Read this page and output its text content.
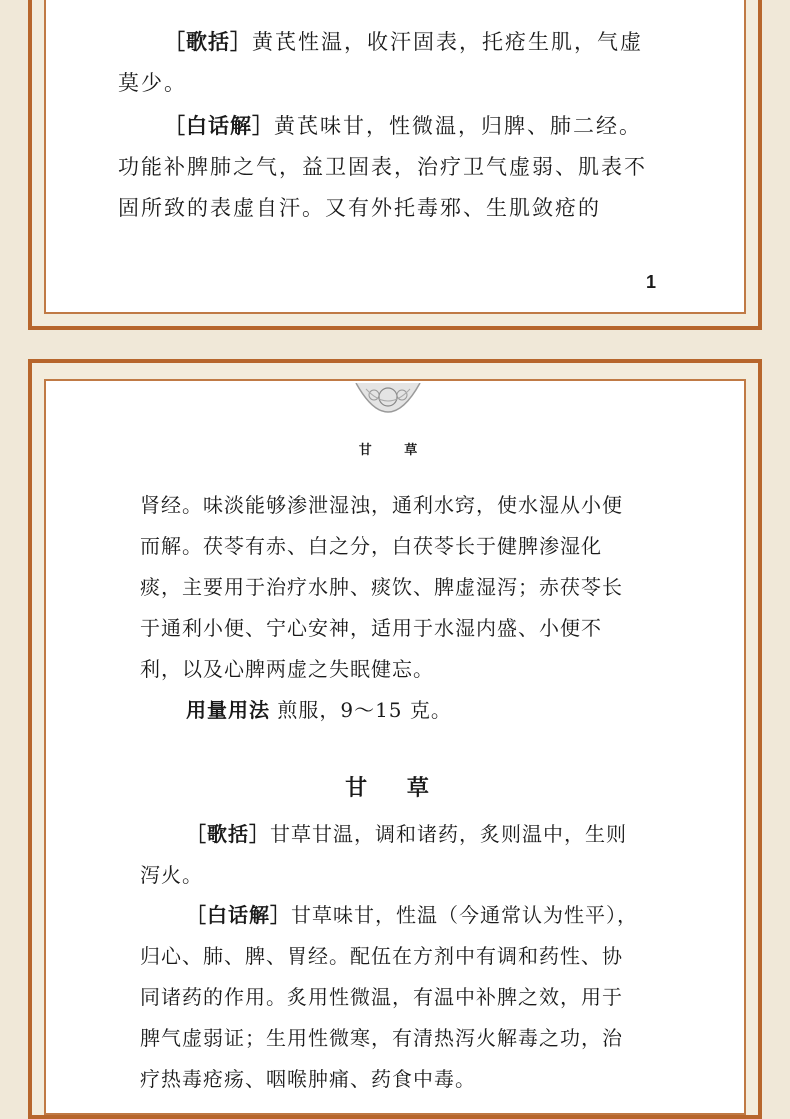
［歌括］黄芪性温，收汗固表，托疮生肌，气虚莫少。

［白话解］黄芪味甘，性微温，归脾、肺二经。功能补脾肺之气，益卫固表，治疗卫气虚弱、肌表不固所致的表虚自汗。又有外托毒邪、生肌敛疮的

1
甘 草

肾经。味淡能够渗泄湿浊，通利水窍，使水湿从小便而解。茯苓有赤、白之分，白茯苓长于健脾渗湿化痰，主要用于治疗水肿、痰饮、脾虚湿泻；赤茯苓长于通利小便、宁心安神，适用于水湿内盛、小便不利，以及心脾两虚之失眠健忘。

用量用法 煎服，9～15 克。

甘 草

［歌括］甘草甘温，调和诸药，炙则温中，生则泻火。

［白话解］甘草味甘，性温（今通常认为性平），归心、肺、脾、胃经。配伍在方剂中有调和药性、协同诸药的作用。炙用性微温，有温中补脾之效，用于脾气虚弱证；生用性微寒，有清热泻火解毒之功，治疗热毒疮疡、咽喉肿痛、药食中毒。
